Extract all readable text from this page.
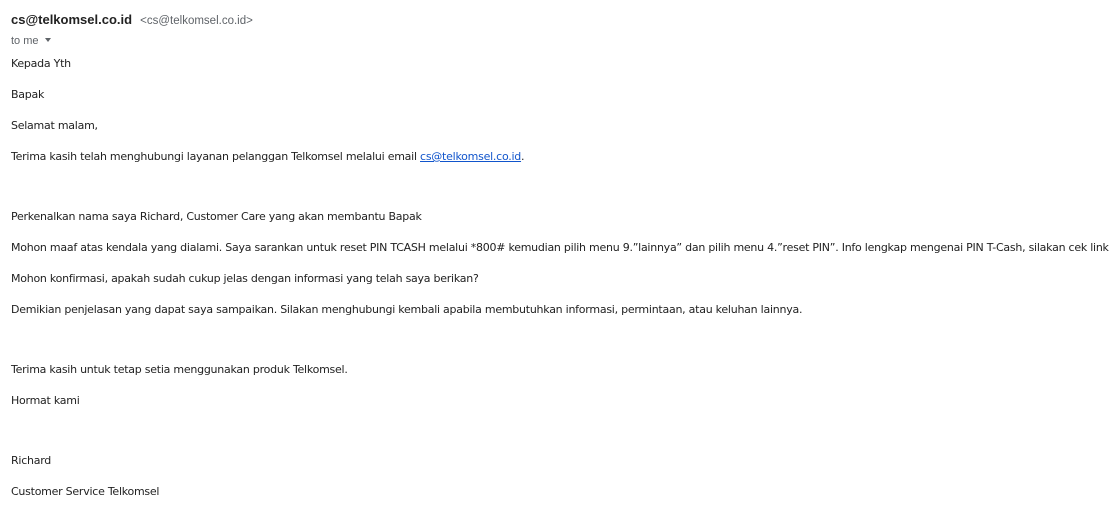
cs@telkomsel.co.id <cs@telkomsel.co.id>
to me

Kepada Yth

Bapak

Selamat malam,

Terima kasih telah menghubungi layanan pelanggan Telkomsel melalui email cs@telkomsel.co.id.

Perkenalkan nama saya Richard, Customer Care yang akan membantu Bapak

Mohon maaf atas kendala yang dialami. Saya sarankan untuk reset PIN TCASH melalui *800# kemudian pilih menu 9.”lainnya” dan pilih menu 4.”reset PIN”. Info lengkap mengenai PIN T-Cash, silakan cek link

Mohon konfirmasi, apakah sudah cukup jelas dengan informasi yang telah saya berikan?

Demikian penjelasan yang dapat saya sampaikan. Silakan menghubungi kembali apabila membutuhkan informasi, permintaan, atau keluhan lainnya.

Terima kasih untuk tetap setia menggunakan produk Telkomsel.

Hormat kami

Richard

Customer Service Telkomsel
